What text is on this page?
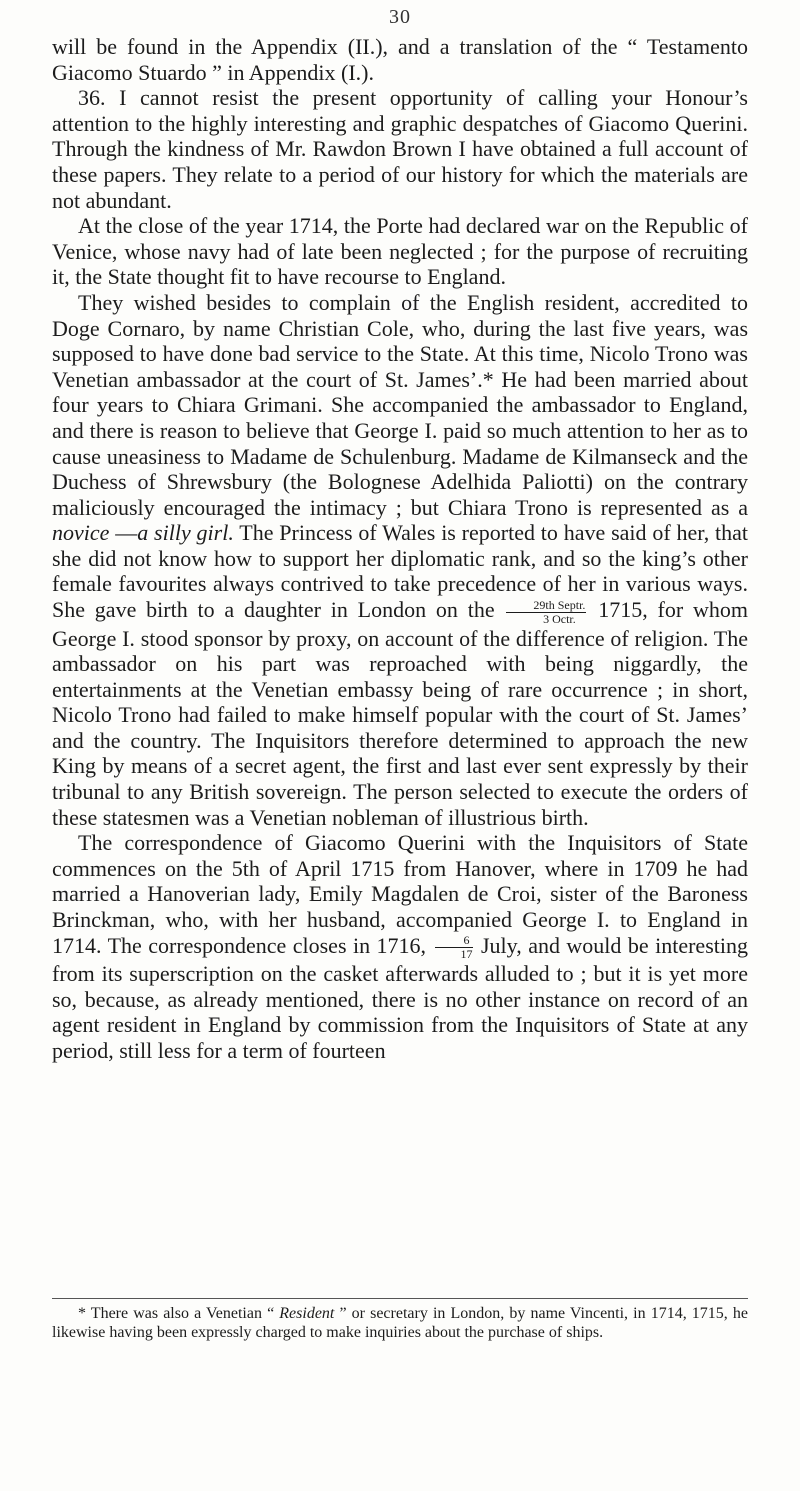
30

will be found in the Appendix (II.), and a translation of the “ Testamento Giacomo Stuardo ” in Appendix (I.).

36. I cannot resist the present opportunity of calling your Honour’s attention to the highly interesting and graphic despatches of Giacomo Querini. Through the kindness of Mr. Rawdon Brown I have obtained a full account of these papers. They relate to a period of our history for which the materials are not abundant.

At the close of the year 1714, the Porte had declared war on the Republic of Venice, whose navy had of late been neglected ; for the purpose of recruiting it, the State thought fit to have recourse to England.

They wished besides to complain of the English resident, accredited to Doge Cornaro, by name Christian Cole, who, during the last five years, was supposed to have done bad service to the State. At this time, Nicolo Trono was Venetian ambassador at the court of St. James’.* He had been married about four years to Chiara Grimani. She accompanied the ambassador to England, and there is reason to believe that George I. paid so much attention to her as to cause uneasiness to Madame de Schulenburg. Madame de Kilmanseck and the Duchess of Shrewsbury (the Bolognese Adelhida Paliotti) on the contrary maliciously encouraged the intimacy ; but Chiara Trono is represented as a novice —a silly girl. The Princess of Wales is reported to have said of her, that she did not know how to support her diplomatic rank, and so the king’s other female favourites always contrived to take precedence of her in various ways. She gave birth to a daughter in London on the $\frac{\text{29th Septr.}}{\text{3 Octr.}} 1715$, for whom George I. stood sponsor by proxy, on account of the difference of religion. The ambassador on his part was reproached with being niggardly, the entertainments at the Venetian embassy being of rare occurrence ; in short, Nicolo Trono had failed to make himself popular with the court of St. James’ and the country. The Inquisitors therefore determined to approach the new King by means of a secret agent, the first and last ever sent expressly by their tribunal to any British sovereign. The person selected to execute the orders of these statesmen was a Venetian nobleman of illustrious birth.

The correspondence of Giacomo Querini with the Inquisitors of State commences on the 5th of April 1715 from Hanover, where in 1709 he had married a Hanoverian lady, Emily Magdalen de Croi, sister of the Baroness Brinckman, who, with her husband, accompanied George I. to England in 1714. The correspondence closes in 1716, $\frac{6}{17}$ July, and would be interesting from its superscription on the casket afterwards alluded to ; but it is yet more so, because, as already mentioned, there is no other instance on record of an agent resident in England by commission from the Inquisitors of State at any period, still less for a term of fourteen

* There was also a Venetian “ Resident ” or secretary in London, by name Vincenti, in 1714, 1715, he likewise having been expressly charged to make inquiries about the purchase of ships.
